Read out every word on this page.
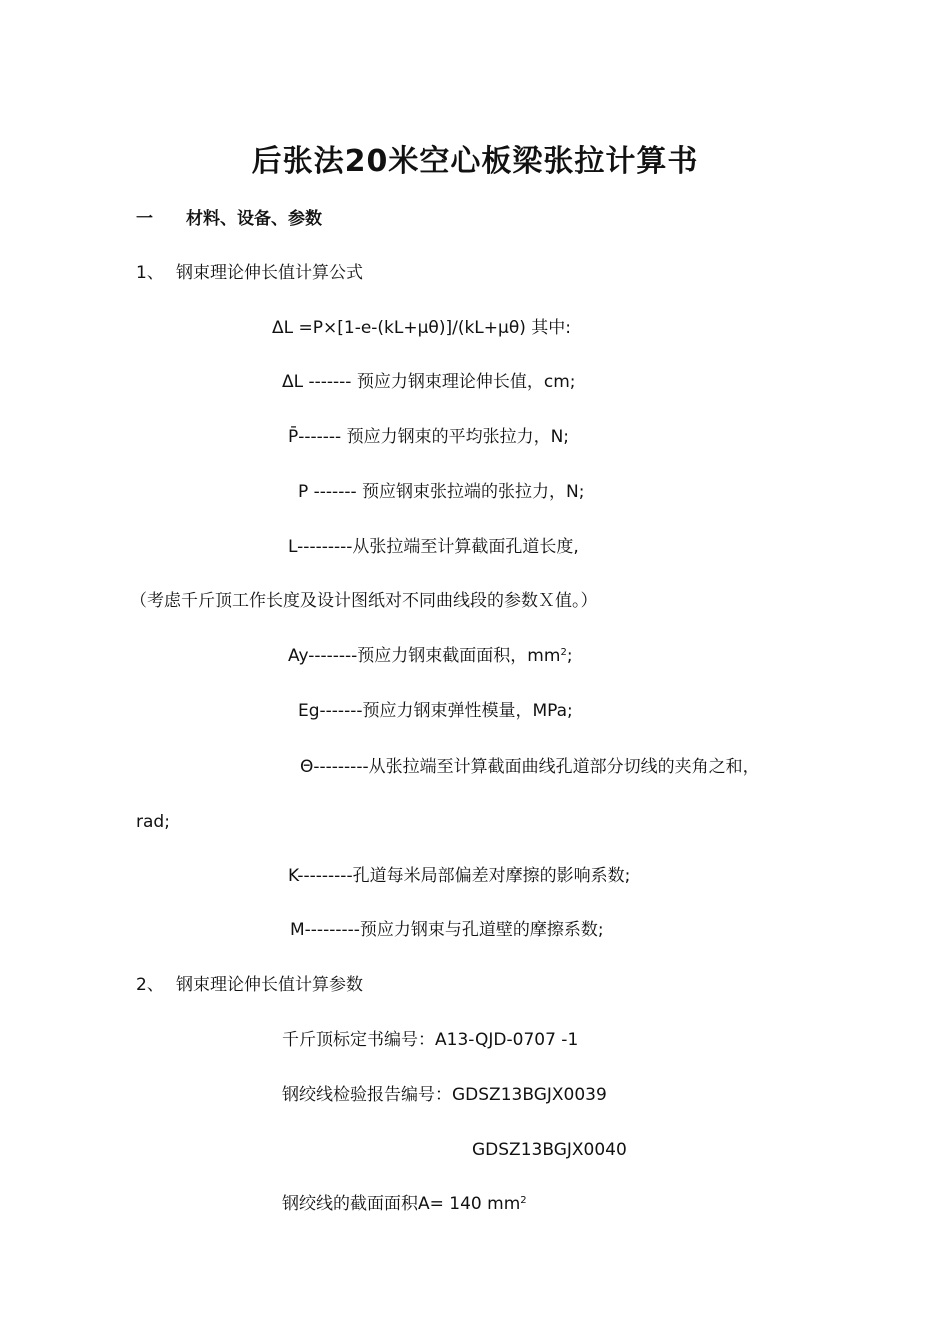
后张法20米空心板梁张拉计算书
一 材料、设备、参数
1、 钢束理论伸长值计算公式
ΔL =P×[1-e-(kL+μθ)]/(kL+μθ) 其中:
ΔL ------- 预应力钢束理论伸长值，cm;
P̄------- 预应力钢束的平均张拉力，N;
P ------- 预应钢束张拉端的张拉力，N;
L---------从张拉端至计算截面孔道长度,
（考虑千斤顶工作长度及设计图纸对不同曲线段的参数Ｘ值。）
Ay--------预应力钢束截面面积，$mm^2$;
Eg-------预应力钢束弹性模量，MPa;
Θ---------从张拉端至计算截面曲线孔道部分切线的夹角之和，
rad;
K---------孔道每米局部偏差对摩擦的影响系数;
Μ---------预应力钢束与孔道壁的摩擦系数;
2、 钢束理论伸长值计算参数
千斤顶标定书编号：A13-QJD-0707 -1
钢绞线检验报告编号：GDSZ13BGJX0039
GDSZ13BGJX0040
钢绞线的截面面积A= 140 $mm^2$
